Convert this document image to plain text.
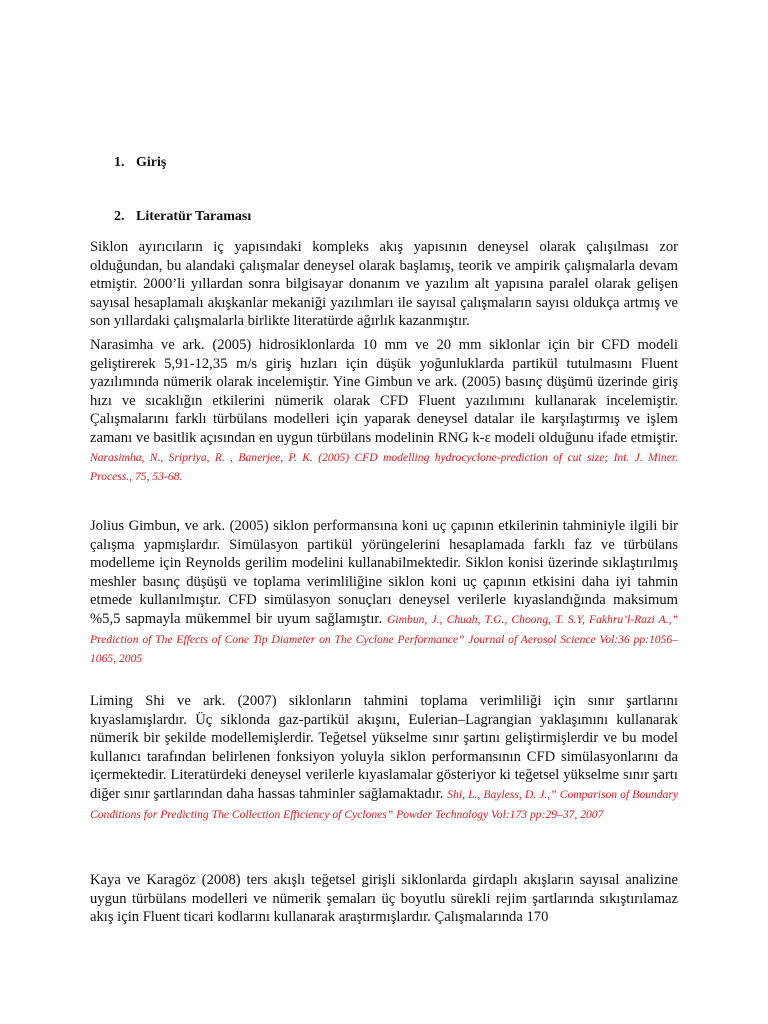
1. Giriş
2. Literatür Taraması
Siklon ayırıcıların iç yapısındaki kompleks akış yapısının deneysel olarak çalışılması zor olduğundan, bu alandaki çalışmalar deneysel olarak başlamış, teorik ve ampirik çalışmalarla devam etmiştir. 2000’li yıllardan sonra bilgisayar donanım ve yazılım alt yapısına paralel olarak gelişen sayısal hesaplamalı akışkanlar mekaniği yazılımları ile sayısal çalışmaların sayısı oldukça artmış ve son yıllardaki çalışmalarla birlikte literatürde ağırlık kazanmıştır.
Narasimha ve ark. (2005) hidrosiklonlarda 10 mm ve 20 mm siklonlar için bir CFD modeli geliştirerek 5,91-12,35 m/s giriş hızları için düşük yoğunluklarda partikül tutulmasını Fluent yazılımında nümerik olarak incelemiştir. Yine Gimbun ve ark. (2005) basınç düşümü üzerinde giriş hızı ve sıcaklığın etkilerini nümerik olarak CFD Fluent yazılımını kullanarak incelemiştir. Çalışmalarını farklı türbülans modelleri için yaparak deneysel datalar ile karşılaştırmış ve işlem zamanı ve basitlik açısından en uygun türbülans modelinin RNG k-ε modeli olduğunu ifade etmiştir. Narasimha, N., Sripriya, R. , Banerjee, P. K. (2005) CFD modelling hydrocyclone-prediction of cut size; Int. J. Miner. Process., 75, 53-68.
Jolius Gimbun, ve ark. (2005) siklon performansına koni uç çapının etkilerinin tahminiyle ilgili bir çalışma yapmışlardır. Simülasyon partikül yörüngelerini hesaplamada farklı faz ve türbülans modelleme için Reynolds gerilim modelini kullanabilmektedir. Siklon konisi üzerinde sıklaştırılmış meshler basınç düşüşü ve toplama verimliliğine siklon koni uç çapının etkisini daha iyi tahmin etmede kullanılmıştır. CFD simülasyon sonuçları deneysel verilerle kıyaslandığında maksimum %5,5 sapmayla mükemmel bir uyum sağlamıştır. Gimbun, J., Chuah, T.G., Choong, T. S.Y, Fakhru’l-Razi A.,” Prediction of The Effects of Cone Tip Diameter on The Cyclone Performance” Journal of Aerosol Science Vol:36 pp:1056–1065, 2005
Liming Shi ve ark. (2007) siklonların tahmini toplama verimliliği için sınır şartlarını kıyaslamışlardır. Üç siklonda gaz-partikül akışını, Eulerian–Lagrangian yaklaşımını kullanarak nümerik bir şekilde modellemişlerdir. Teğetsel yükselme sınır şartını geliştirmişlerdir ve bu model kullanıcı tarafından belirlenen fonksiyon yoluyla siklon performansının CFD simülasyonlarını da içermektedir. Literatürdeki deneysel verilerle kıyaslamalar gösteriyor ki teğetsel yükselme sınır şartı diğer sınır şartlarından daha hassas tahminler sağlamaktadır. Shi, L., Bayless, D. J.,” Comparison of Boundary Conditions for Predicting The Collection Efficiency of Cyclones” Powder Technology Vol:173 pp:29–37, 2007
Kaya ve Karagöz (2008) ters akışlı teğetsel girişli siklonlarda girdaplı akışların sayısal analizine uygun türbülans modelleri ve nümerik şemaları üç boyutlu sürekli rejim şartlarında sıkıştırılamaz akış için Fluent ticari kodlarını kullanarak araştırmışlardır. Çalışmalarında 170
